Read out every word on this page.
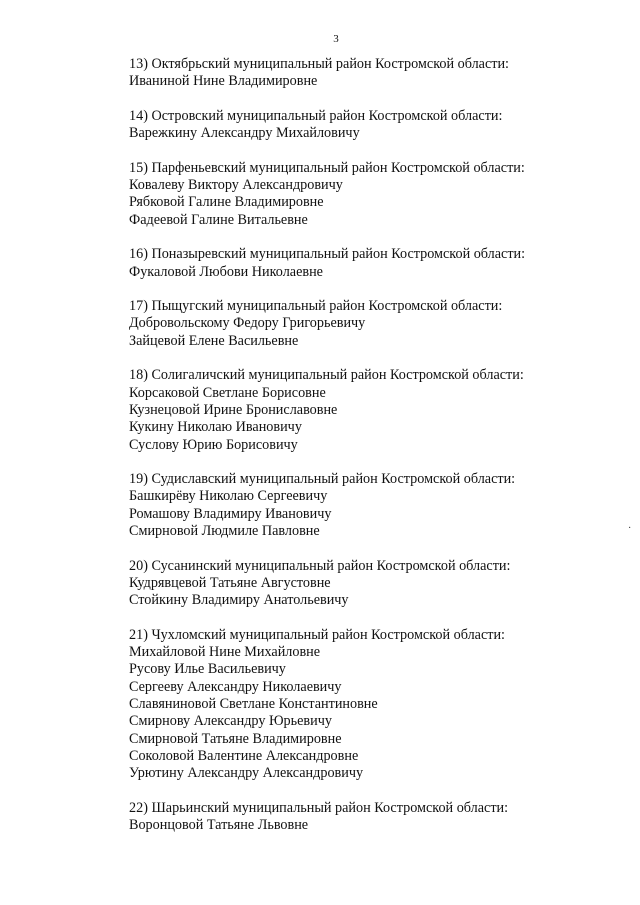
3
13) Октябрьский муниципальный район Костромской области:
Иваниной Нине Владимировне
14) Островский муниципальный район Костромской области:
Варежкину Александру Михайловичу
15) Парфеньевский муниципальный район Костромской области:
Ковалеву Виктору Александровичу
Рябковой Галине Владимировне
Фадеевой Галине Витальевне
16) Поназыревский муниципальный район Костромской области:
Фукаловой Любови Николаевне
17) Пыщугский муниципальный район Костромской области:
Добровольскому Федору Григорьевичу
Зайцевой Елене Васильевне
18) Солигаличский муниципальный район Костромской области:
Корсаковой Светлане Борисовне
Кузнецовой Ирине Брониславовне
Кукину Николаю Ивановичу
Суслову Юрию Борисовичу
19) Судиславский муниципальный район Костромской области:
Башкирёву Николаю Сергеевичу
Ромашову Владимиру Ивановичу
Смирновой Людмиле Павловне
20) Сусанинский муниципальный район Костромской области:
Кудрявцевой Татьяне Августовне
Стойкину Владимиру Анатольевичу
21) Чухломский муниципальный район Костромской области:
Михайловой Нине Михайловне
Русову Илье Васильевичу
Сергееву Александру Николаевичу
Славяниновой Светлане Константиновне
Смирнову Александру Юрьевичу
Смирновой Татьяне Владимировне
Соколовой Валентине Александровне
Урютину Александру Александровичу
22) Шарьинский муниципальный район Костромской области:
Воронцовой Татьяне Львовне
·
